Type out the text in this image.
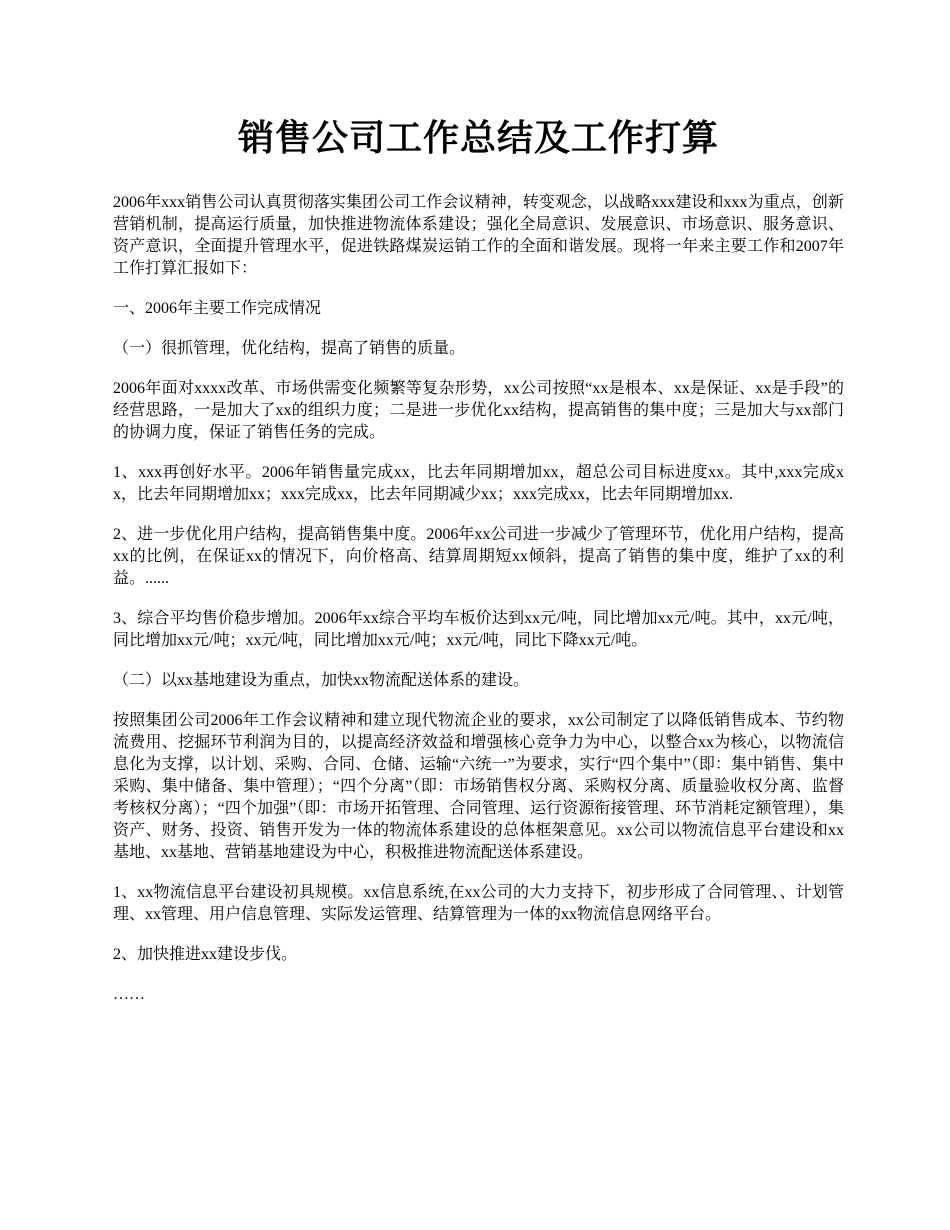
销售公司工作总结及工作打算

2006年xxx销售公司认真贯彻落实集团公司工作会议精神，转变观念，以战略xxx建设和xxx为重点，创新营销机制，提高运行质量，加快推进物流体系建设；强化全局意识、发展意识、市场意识、服务意识、资产意识，全面提升管理水平，促进铁路煤炭运销工作的全面和谐发展。现将一年来主要工作和2007年工作打算汇报如下：

一、2006年主要工作完成情况

（一）很抓管理，优化结构，提高了销售的质量。

2006年面对xxxx改革、市场供需变化频繁等复杂形势，xx公司按照“xx是根本、xx是保证、xx是手段”的经营思路，一是加大了xx的组织力度；二是进一步优化xx结构，提高销售的集中度；三是加大与xx部门的协调力度，保证了销售任务的完成。

1、xxx再创好水平。2006年销售量完成xx，比去年同期增加xx，超总公司目标进度xx。其中,xxx完成xx，比去年同期增加xx；xxx完成xx，比去年同期减少xx；xxx完成xx，比去年同期增加xx.

2、进一步优化用户结构，提高销售集中度。2006年xx公司进一步减少了管理环节，优化用户结构，提高xx的比例，在保证xx的情况下，向价格高、结算周期短xx倾斜，提高了销售的集中度，维护了xx的利益。......

3、综合平均售价稳步增加。2006年xx综合平均车板价达到xx元/吨，同比增加xx元/吨。其中，xx元/吨，同比增加xx元/吨；xx元/吨，同比增加xx元/吨；xx元/吨，同比下降xx元/吨。

（二）以xx基地建设为重点，加快xx物流配送体系的建设。

按照集团公司2006年工作会议精神和建立现代物流企业的要求，xx公司制定了以降低销售成本、节约物流费用、挖掘环节利润为目的，以提高经济效益和增强核心竞争力为中心，以整合xx为核心，以物流信息化为支撑，以计划、采购、合同、仓储、运输“六统一”为要求，实行“四个集中”（即：集中销售、集中采购、集中储备、集中管理）；“四个分离”（即：市场销售权分离、采购权分离、质量验收权分离、监督考核权分离）；“四个加强”（即：市场开拓管理、合同管理、运行资源衔接管理、环节消耗定额管理），集资产、财务、投资、销售开发为一体的物流体系建设的总体框架意见。xx公司以物流信息平台建设和xx基地、xx基地、营销基地建设为中心，积极推进物流配送体系建设。

1、xx物流信息平台建设初具规模。xx信息系统,在xx公司的大力支持下，初步形成了合同管理、、计划管理、xx管理、用户信息管理、实际发运管理、结算管理为一体的xx物流信息网络平台。

2、加快推进xx建设步伐。

……
